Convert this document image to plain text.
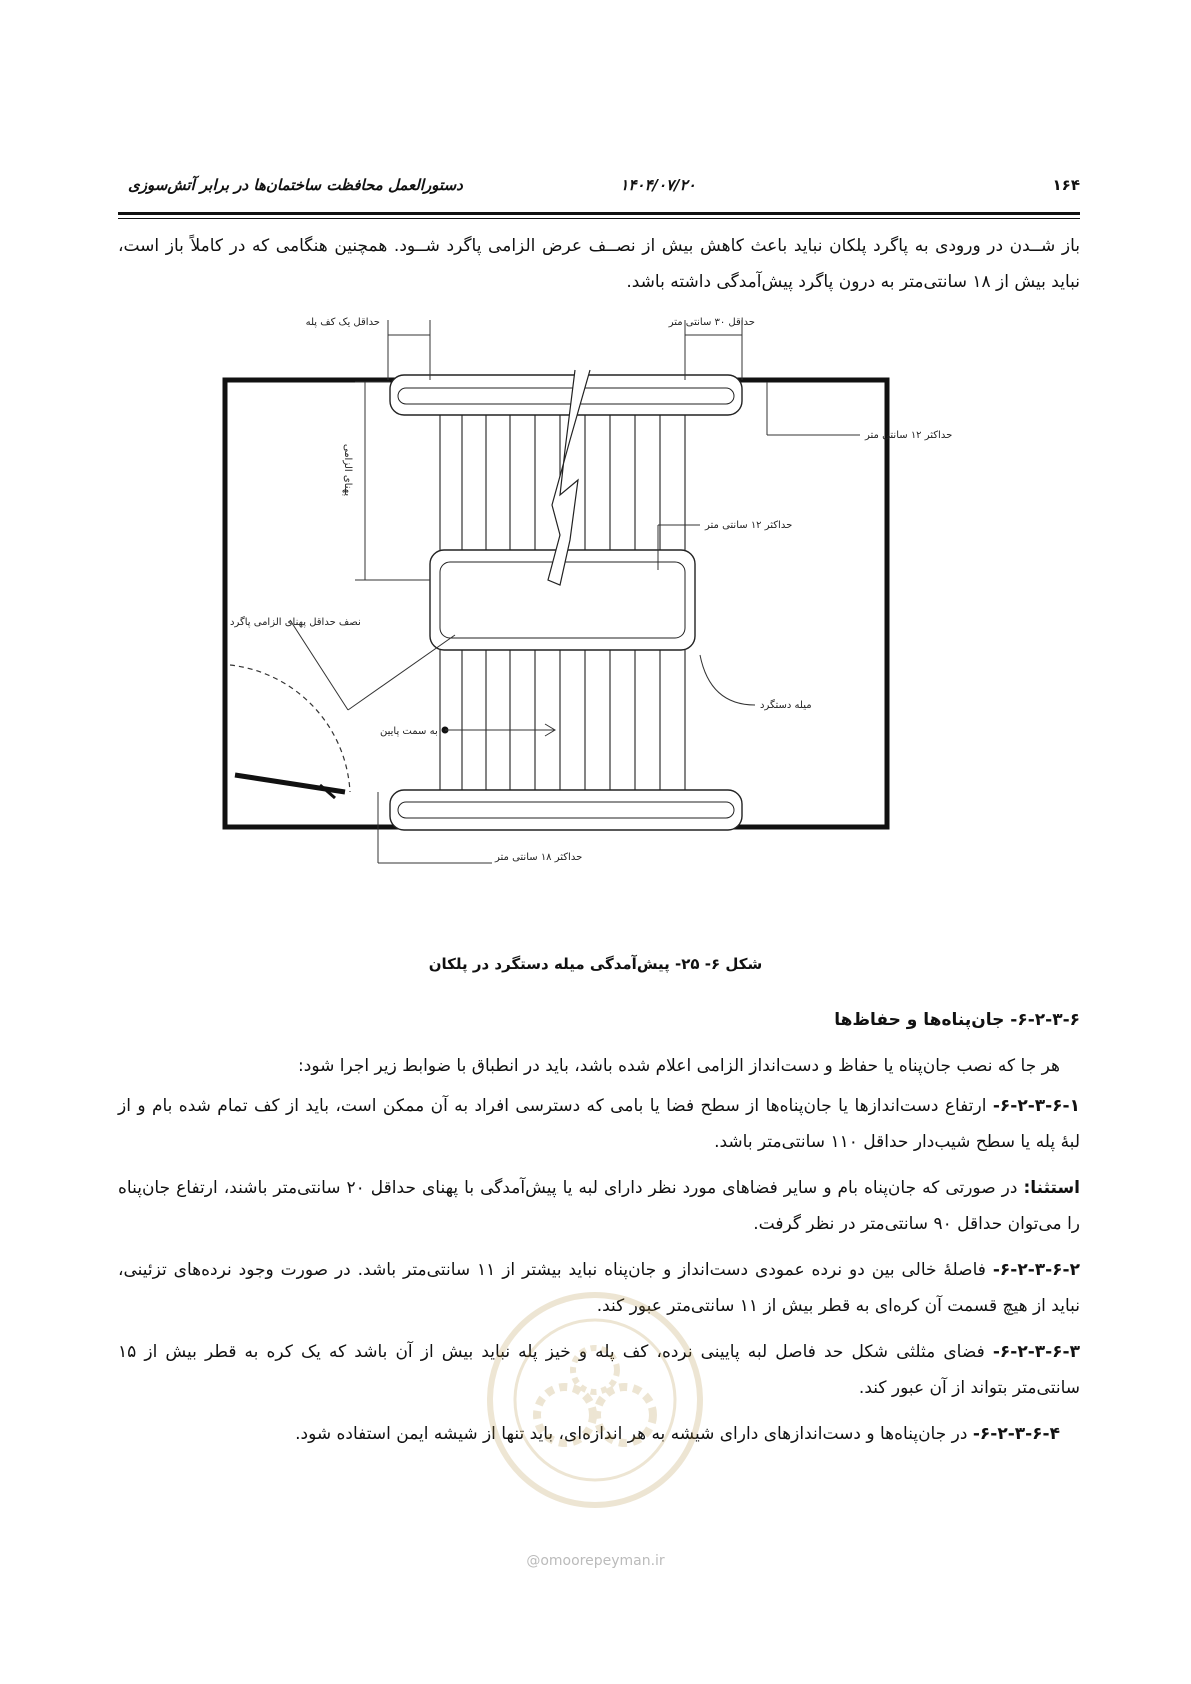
۱۶۴
۱۴۰۴/۰۷/۲۰
دستورالعمل محافظت ساختمان‌ها در برابر آتش‌سوزی
باز شــدن در ورودی به پاگرد پلکان نباید باعث کاهش بیش از نصــف عرض الزامی پاگرد شــود. همچنین هنگامی که در کاملاً باز است، نباید بیش از ۱۸ سانتی‌متر به درون پاگرد پیش‌آمدگی داشته باشد.
حداقل یک کف پله	حداقل ۳۰ سانتی متر
حداکثر ۱۲ سانتی متر
حداکثر ۱۲ سانتی متر
پهنای الزامی
نصف حداقل پهنای الزامی پاگرد
میله دستگرد
به سمت پایین
حداکثر ۱۸ سانتی متر
شکل ۶- ۲۵- پیش‌آمدگی میله دستگرد در پلکان
۶-۲-۳-۶- جان‌پناه‌ها و حفاظ‌ها
هر جا که نصب جان‌پناه یا حفاظ و دست‌انداز الزامی اعلام شده باشد، باید در انطباق با ضوابط زیر اجرا شود:
۶-۲-۳-۶-۱- ارتفاع دست‌اندازها یا جان‌پناه‌ها از سطح فضا یا بامی که دسترسی افراد به آن ممکن است، باید از کف تمام شده بام و از لبهٔ پله یا سطح شیب‌دار حداقل ۱۱۰ سانتی‌متر باشد.
استثنا: در صورتی که جان‌پناه بام و سایر فضاهای مورد نظر دارای لبه یا پیش‌آمدگی با پهنای حداقل ۲۰ سانتی‌متر باشند، ارتفاع جان‌پناه را می‌توان حداقل ۹۰ سانتی‌متر در نظر گرفت.
۶-۲-۳-۶-۲- فاصلهٔ خالی بین دو نرده عمودی دست‌انداز و جان‌پناه نباید بیشتر از ۱۱ سانتی‌متر باشد. در صورت وجود نرده‌های تزئینی، نباید از هیچ قسمت آن کره‌ای به قطر بیش از ۱۱ سانتی‌متر عبور کند.
۶-۲-۳-۶-۳- فضای مثلثی شکل حد فاصل لبه پایینی نرده، کف پله و خیز پله نباید بیش از آن باشد که یک کره به قطر بیش از ۱۵ سانتی‌متر بتواند از آن عبور کند.
۶-۲-۳-۶-۴- در جان‌پناه‌ها و دست‌اندازهای دارای شیشه به هر اندازه‌ای، باید تنها از شیشه ایمن استفاده شود.
@omoorepeyman.ir
